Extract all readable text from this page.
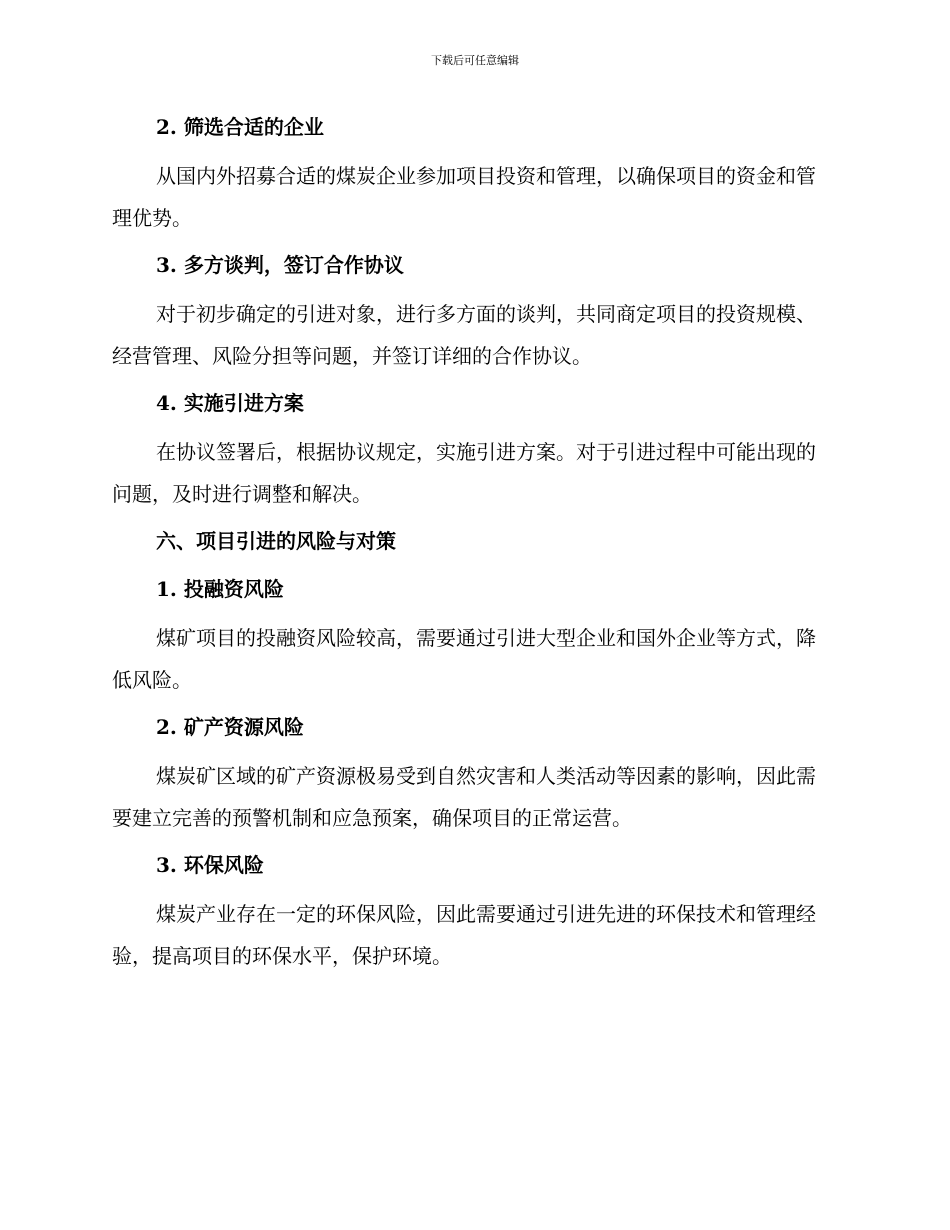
下载后可任意编辑
2. 筛选合适的企业
从国内外招募合适的煤炭企业参加项目投资和管理，以确保项目的资金和管理优势。
3. 多方谈判，签订合作协议
对于初步确定的引进对象，进行多方面的谈判，共同商定项目的投资规模、经营管理、风险分担等问题，并签订详细的合作协议。
4. 实施引进方案
在协议签署后，根据协议规定，实施引进方案。对于引进过程中可能出现的问题，及时进行调整和解决。
六、项目引进的风险与对策
1. 投融资风险
煤矿项目的投融资风险较高，需要通过引进大型企业和国外企业等方式，降低风险。
2. 矿产资源风险
煤炭矿区域的矿产资源极易受到自然灾害和人类活动等因素的影响，因此需要建立完善的预警机制和应急预案，确保项目的正常运营。
3. 环保风险
煤炭产业存在一定的环保风险，因此需要通过引进先进的环保技术和管理经验，提高项目的环保水平，保护环境。
